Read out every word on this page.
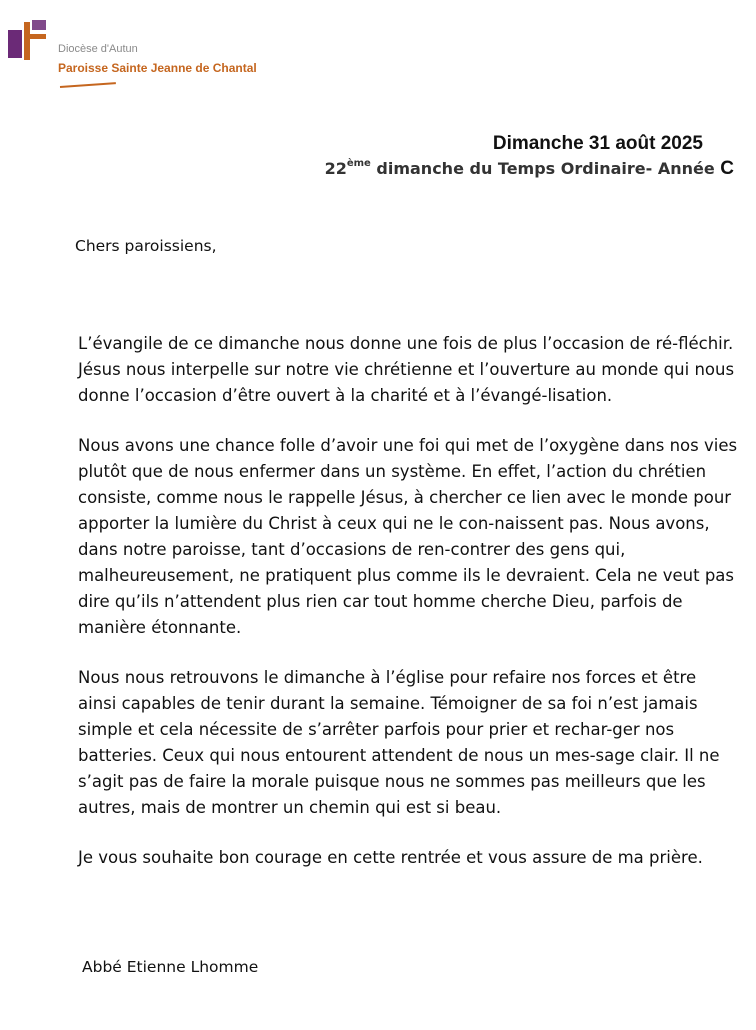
Diocèse d'Autun
Paroisse Sainte Jeanne de Chantal
Dimanche 31 août 2025
22ème dimanche du Temps Ordinaire- Année C
Chers paroissiens,

L’évangile de ce dimanche nous donne une fois de plus l’occasion de ré-fléchir. Jésus nous interpelle sur notre vie chrétienne et l’ouverture au monde qui nous donne l’occasion d’être ouvert à la charité et à l’évangé-lisation.

Nous avons une chance folle d’avoir une foi qui met de l’oxygène dans nos vies plutôt que de nous enfermer dans un système. En effet, l’action du chrétien consiste, comme nous le rappelle Jésus, à chercher ce lien avec le monde pour apporter la lumière du Christ à ceux qui ne le con-naissent pas. Nous avons, dans notre paroisse, tant d’occasions de ren-contrer des gens qui, malheureusement, ne pratiquent plus comme ils le devraient. Cela ne veut pas dire qu’ils n’attendent plus rien car tout homme cherche Dieu, parfois de manière étonnante.

Nous nous retrouvons le dimanche à l’église pour refaire nos forces et être ainsi capables de tenir durant la semaine. Témoigner de sa foi n’est jamais simple et cela nécessite de s’arrêter parfois pour prier et rechar-ger nos batteries. Ceux qui nous entourent attendent de nous un mes-sage clair. Il ne s’agit pas de faire la morale puisque nous ne sommes pas meilleurs que les autres, mais de montrer un chemin qui est si beau.

Je vous souhaite bon courage en cette rentrée et vous assure de ma prière.

Abbé Etienne Lhomme
